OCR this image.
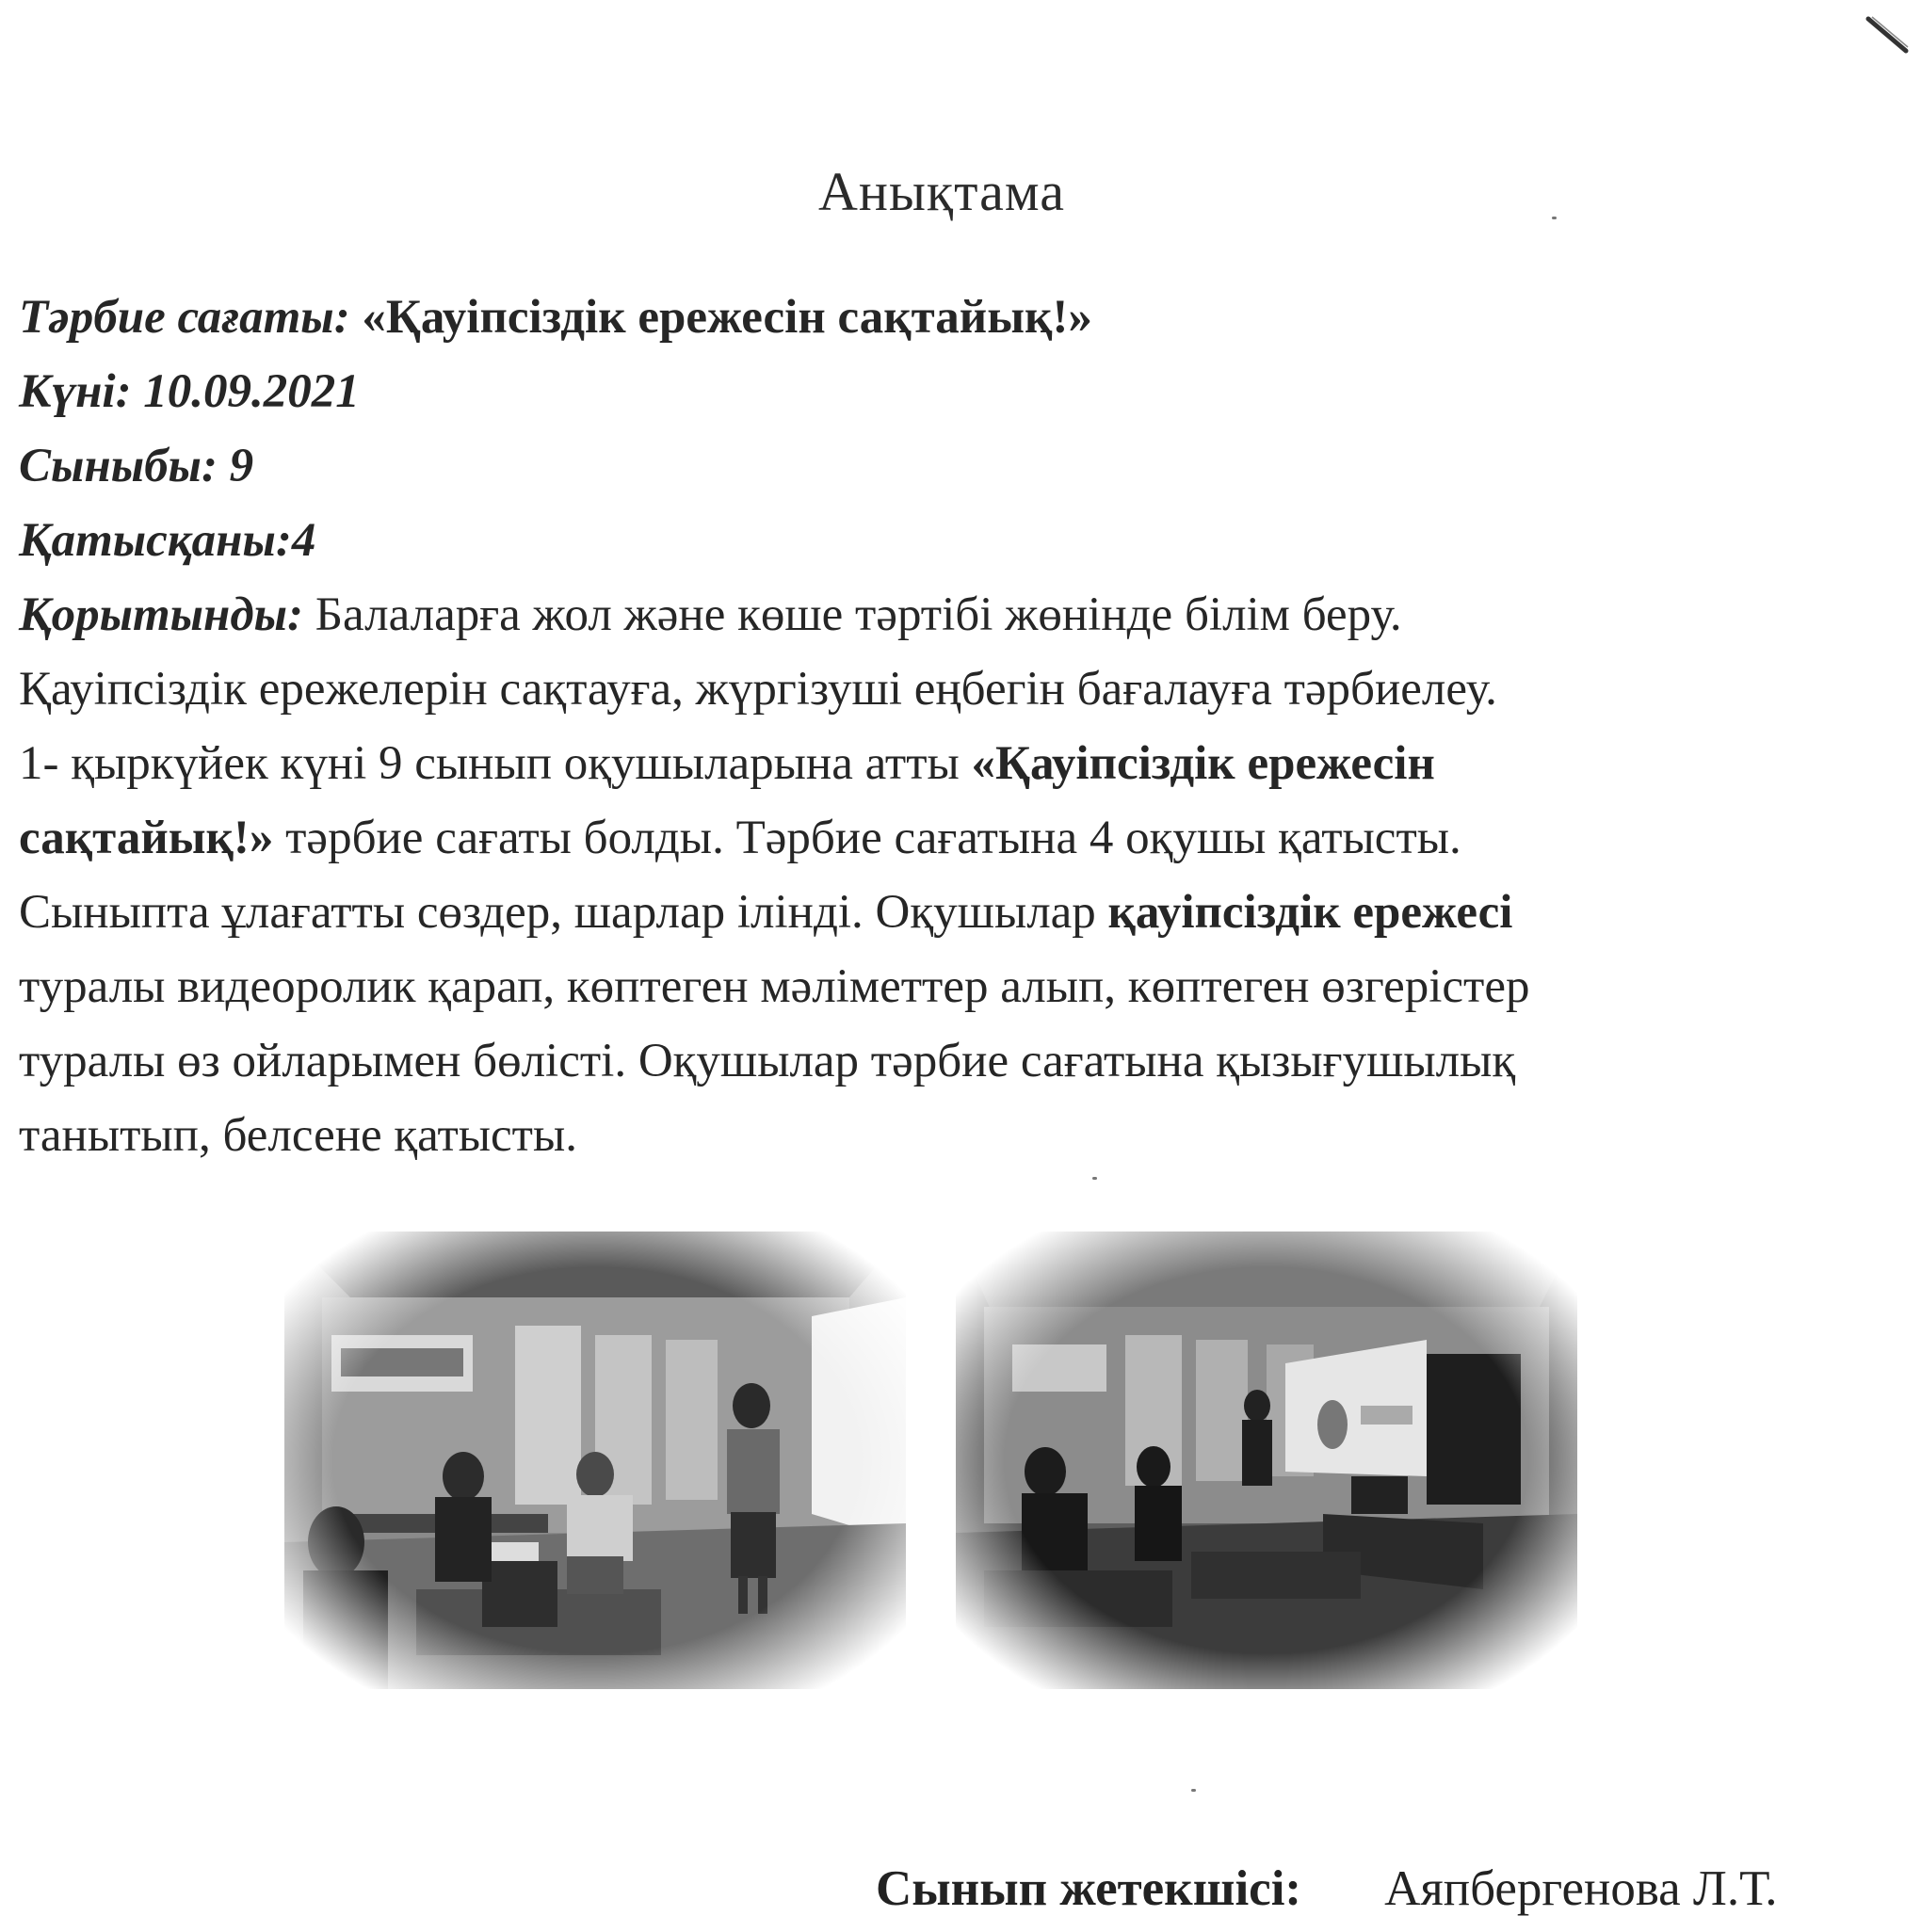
Анықтама
Тәрбие сағаты: «Қауіпсіздік ережесін сақтайық!»
Күні: 10.09.2021
Сыныбы: 9
Қатысқаны:4
Қорытынды: Балаларға жол және көше тәртібі жөнінде білім беру.
Қауіпсіздік ережелерін сақтауға, жүргізуші еңбегін бағалауға тәрбиелеу.
1- қыркүйек күні 9 сынып оқушыларына атты «Қауіпсіздік ережесін
сақтайық!» тәрбие сағаты болды. Тәрбие сағатына 4 оқушы қатысты.
Сыныпта ұлағатты сөздер, шарлар ілінді. Оқушылар қауіпсіздік ережесі
туралы видеоролик қарап, көптеген мәліметтер алып, көптеген өзгерістер
туралы өз ойларымен бөлісті. Оқушылар тәрбие сағатына қызығушылық
танытып, белсене қатысты.
Сынып жетекшісі: Аяпбергенова Л.Т.
